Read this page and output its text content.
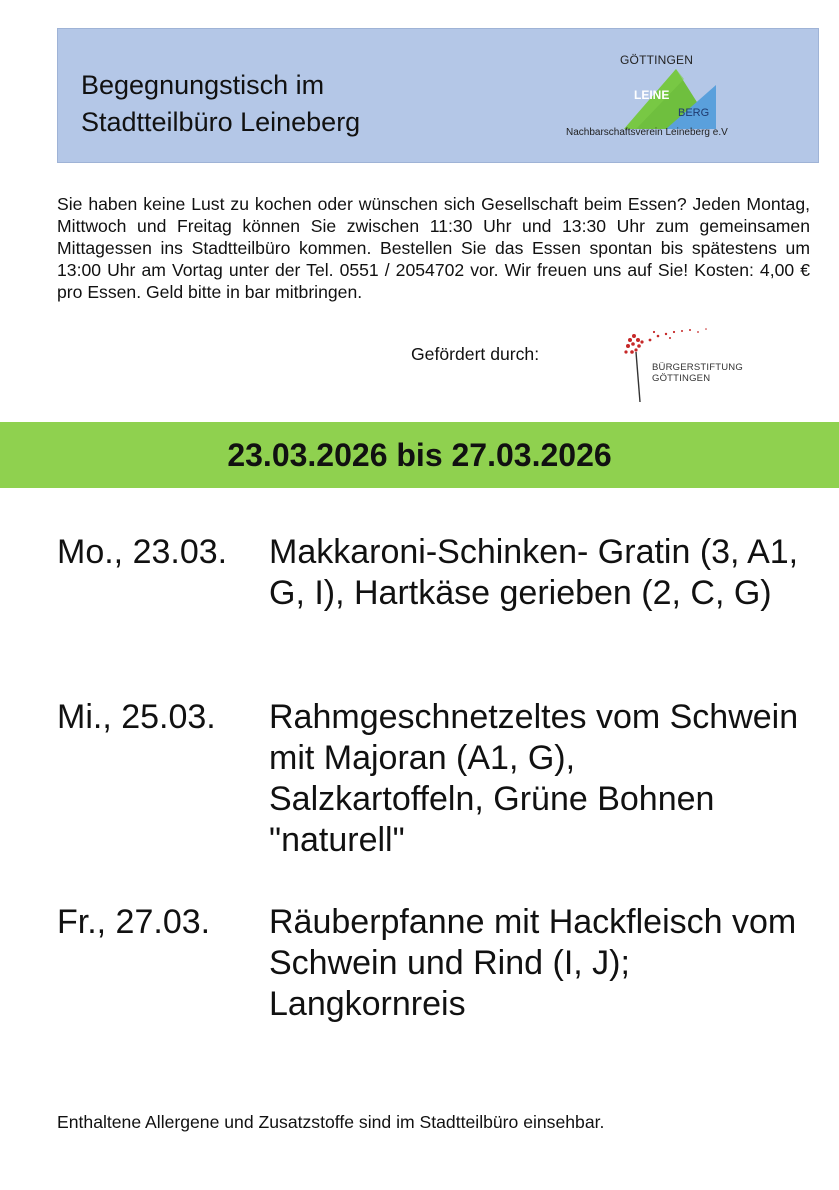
Begegnungstisch im
Stadtteilbüro Leineberg
GÖTTINGEN
LEINE
BERG
Nachbarschaftsverein Leineberg e.V

Sie haben keine Lust zu kochen oder wünschen sich Gesellschaft beim Essen? Jeden Montag, Mittwoch und Freitag können Sie zwischen 11:30 Uhr und 13:30 Uhr zum gemeinsamen Mittagessen ins Stadtteilbüro kommen. Bestellen Sie das Essen spontan bis spätestens um 13:00 Uhr am Vortag unter der Tel. 0551 / 2054702 vor. Wir freuen uns auf Sie! Kosten: 4,00 € pro Essen. Geld bitte in bar mitbringen.

Gefördert durch:
BÜRGERSTIFTUNG
GÖTTINGEN
23.03.2026 bis 27.03.2026
Mo., 23.03. Makkaroni-Schinken- Gratin (3, A1, G, I), Hartkäse gerieben (2, C, G)
Mi., 25.03. Rahmgeschnetzeltes vom Schwein mit Majoran (A1, G), Salzkartoffeln, Grüne Bohnen "naturell"
Fr., 27.03. Räuberpfanne mit Hackfleisch vom Schwein und Rind (I, J); Langkornreis
Enthaltene Allergene und Zusatzstoffe sind im Stadtteilbüro einsehbar.
